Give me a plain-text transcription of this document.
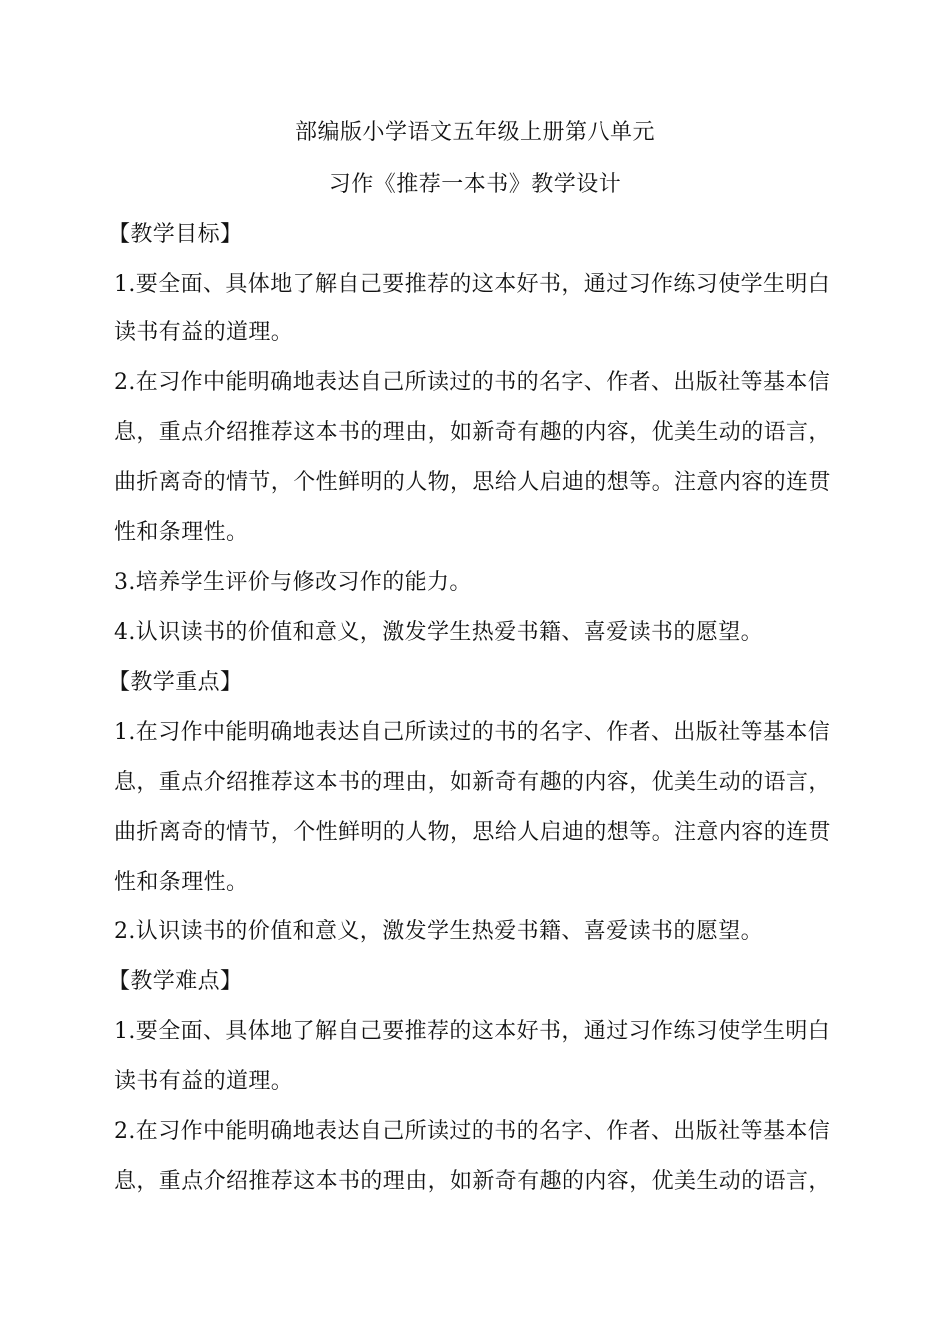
部编版小学语文五年级上册第八单元
习作《推荐一本书》教学设计
【教学目标】
1.要全面、具体地了解自己要推荐的这本好书，通过习作练习使学生明白
读书有益的道理。
2.在习作中能明确地表达自己所读过的书的名字、作者、出版社等基本信
息，重点介绍推荐这本书的理由，如新奇有趣的内容，优美生动的语言，
曲折离奇的情节，个性鲜明的人物，思给人启迪的想等。注意内容的连贯
性和条理性。
3.培养学生评价与修改习作的能力。
4.认识读书的价值和意义，激发学生热爱书籍、喜爱读书的愿望。
【教学重点】
1.在习作中能明确地表达自己所读过的书的名字、作者、出版社等基本信
息，重点介绍推荐这本书的理由，如新奇有趣的内容，优美生动的语言，
曲折离奇的情节，个性鲜明的人物，思给人启迪的想等。注意内容的连贯
性和条理性。
2.认识读书的价值和意义，激发学生热爱书籍、喜爱读书的愿望。
【教学难点】
1.要全面、具体地了解自己要推荐的这本好书，通过习作练习使学生明白
读书有益的道理。
2.在习作中能明确地表达自己所读过的书的名字、作者、出版社等基本信
息，重点介绍推荐这本书的理由，如新奇有趣的内容，优美生动的语言，
